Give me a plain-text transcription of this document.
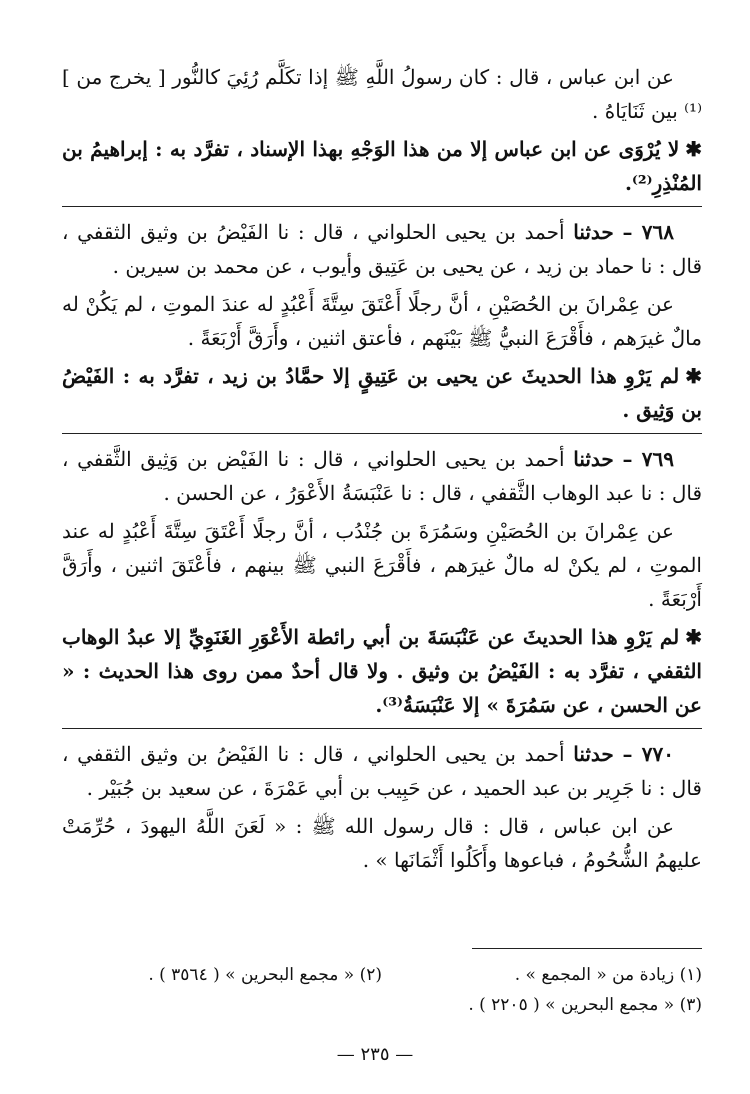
عن ابن عباس ، قال : كان رسولُ اللَّهِ ﷺ إذا تكَلَّم رُئِيَ كالنُّور [ يخرج من ]⁽¹⁾ بين ثَنَايَاهُ .

✱لا يُرْوَى عن ابن عباس إلا من هذا الوَجْهِ بهذا الإسناد ، تفرَّد به : إبراهيمُ بن المُنْذِرِ⁽²⁾.

٧٦٨ – حدثنا أحمد بن يحيى الحلواني ، قال : نا الفَيْضُ بن وثيق الثقفي ، قال : نا حماد بن زيد ، عن يحيى بن عَتِيق وأيوب ، عن محمد بن سيرين .

عن عِمْرانَ بن الحُصَيْنِ ، أنَّ رجلًا أَعْتَقَ سِتَّةَ أَعْبُدٍ له عندَ الموتِ ، لم يَكُنْ له مالٌ غيرَهم ، فأَقْرَعَ النبيُّ ﷺ بَيْنَهم ، فأعتق اثنين ، وأَرَقَّ أَرْبَعَةً .

✱لم يَرْوِ هذا الحديثَ عن يحيى بن عَتِيقٍ إلا حمَّادُ بن زيد ، تفرَّد به : الفَيْضُ بن وَثِيق .

٧٦٩ – حدثنا أحمد بن يحيى الحلواني ، قال : نا الفَيْض بن وَثِيق الثَّقفي ، قال : نا عبد الوهاب الثَّقفي ، قال : نا عَنْبَسَةُ الأَعْوَرُ ، عن الحسن .

عن عِمْرانَ بن الحُصَيْنِ وسَمُرَةَ بن جُنْدُب ، أنَّ رجلًا أَعْتَقَ سِتَّةَ أَعْبُدٍ له عند الموتِ ، لم يكنْ له مالٌ غيرَهم ، فأَقْرَعَ النبي ﷺ بينهم ، فأَعْتَقَ اثنين ، وأَرَقَّ أَرْبَعَةً .

✱لم يَرْوِ هذا الحديثَ عن عَنْبَسَةَ بن أبي رائطة الأَعْوَرِ الغَنَوِيِّ إلا عبدُ الوهاب الثقفي ، تفرَّد به : الفَيْضُ بن وثيق . ولا قال أحدٌ ممن روى هذا الحديث : « عن الحسن ، عن سَمُرَةَ » إلا عَنْبَسَةُ⁽³⁾.

٧٧٠ – حدثنا أحمد بن يحيى الحلواني ، قال : نا الفَيْضُ بن وثيق الثقفي ، قال : نا جَرِير بن عبد الحميد ، عن حَبِيب بن أبي عَمْرَةَ ، عن سعيد بن جُبَيْر .

عن ابن عباس ، قال : قال رسول الله ﷺ : « لَعَنَ اللَّهُ اليهودَ ، حُرِّمَتْ عليهمُ الشُّحُومُ ، فباعوها وأَكَلُوا أَثْمَانَها » .

(١) زيادة من « المجمع » .
(٢) « مجمع البحرين » ( ٣٥٦٤ ) .
(٣) « مجمع البحرين » ( ٢٢٠٥ ) .
— ٢٣٥ —
